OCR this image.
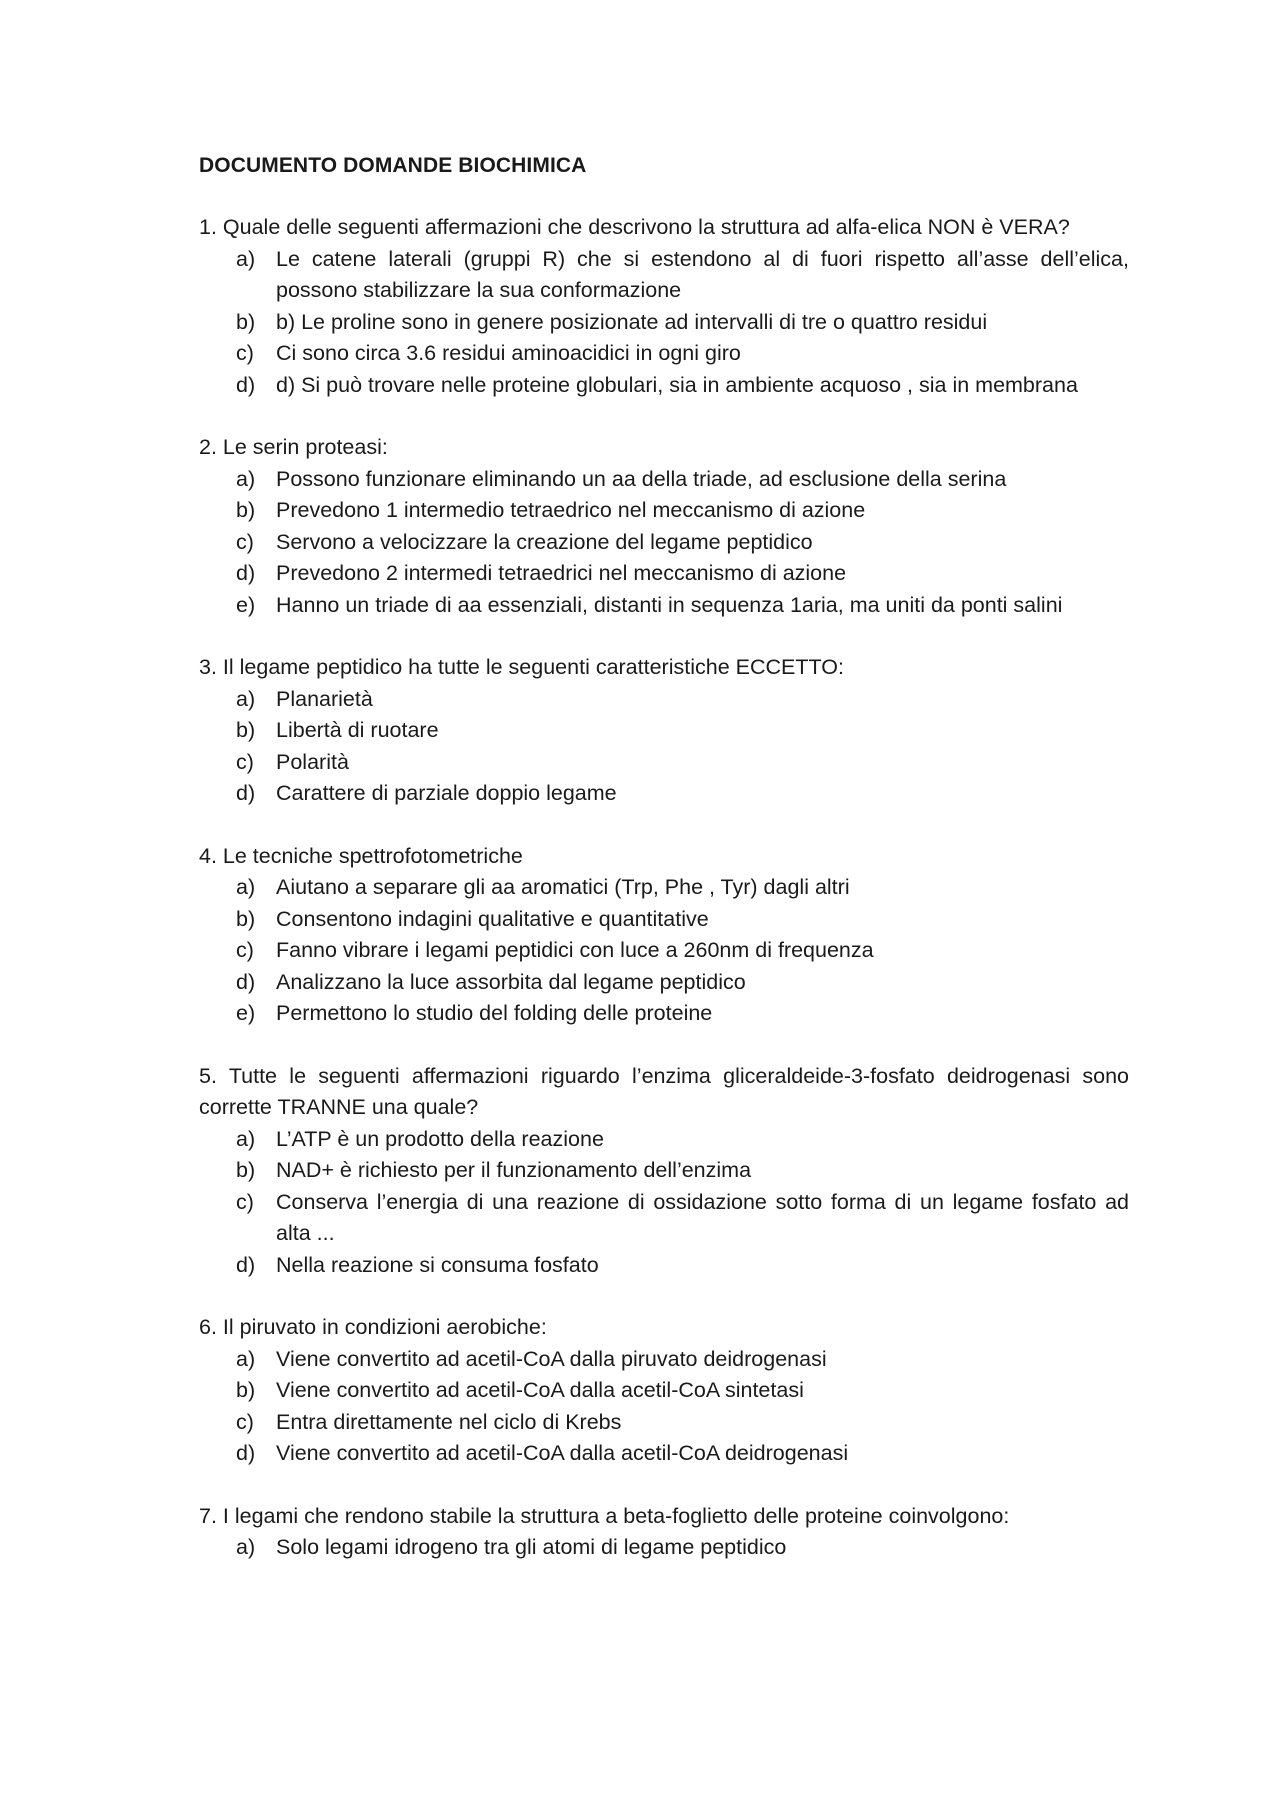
DOCUMENTO DOMANDE BIOCHIMICA

1. Quale delle seguenti affermazioni che descrivono la struttura ad alfa-elica NON è VERA?

a) Le catene laterali (gruppi R) che si estendono al di fuori rispetto all’asse dell’elica, possono stabilizzare la sua conformazione
b) b) Le proline sono in genere posizionate ad intervalli di tre o quattro residui
c) Ci sono circa 3.6 residui aminoacidici in ogni giro
d) d) Si può trovare nelle proteine globulari, sia in ambiente acquoso , sia in membrana

2. Le serin proteasi:

a) Possono funzionare eliminando un aa della triade, ad esclusione della serina
b) Prevedono 1 intermedio tetraedrico nel meccanismo di azione
c) Servono a velocizzare la creazione del legame peptidico
d) Prevedono 2 intermedi tetraedrici nel meccanismo di azione
e) Hanno un triade di aa essenziali, distanti in sequenza 1aria, ma uniti da ponti salini

3. Il legame peptidico ha tutte le seguenti caratteristiche ECCETTO:

a) Planarietà
b) Libertà di ruotare
c) Polarità
d) Carattere di parziale doppio legame

4. Le tecniche spettrofotometriche

a) Aiutano a separare gli aa aromatici (Trp, Phe , Tyr) dagli altri
b) Consentono indagini qualitative e quantitative
c) Fanno vibrare i legami peptidici con luce a 260nm di frequenza
d) Analizzano la luce assorbita dal legame peptidico
e) Permettono lo studio del folding delle proteine

5. Tutte le seguenti affermazioni riguardo l’enzima gliceraldeide-3-fosfato deidrogenasi sono corrette TRANNE una quale?

a) L’ATP è un prodotto della reazione
b) NAD+ è richiesto per il funzionamento dell’enzima
c) Conserva l’energia di una reazione di ossidazione sotto forma di un legame fosfato ad alta ...
d) Nella reazione si consuma fosfato

6. Il piruvato in condizioni aerobiche:

a) Viene convertito ad acetil-CoA dalla piruvato deidrogenasi
b) Viene convertito ad acetil-CoA dalla acetil-CoA sintetasi
c) Entra direttamente nel ciclo di Krebs
d) Viene convertito ad acetil-CoA dalla acetil-CoA deidrogenasi

7. I legami che rendono stabile la struttura a beta-foglietto delle proteine coinvolgono:

a) Solo legami idrogeno tra gli atomi di legame peptidico
